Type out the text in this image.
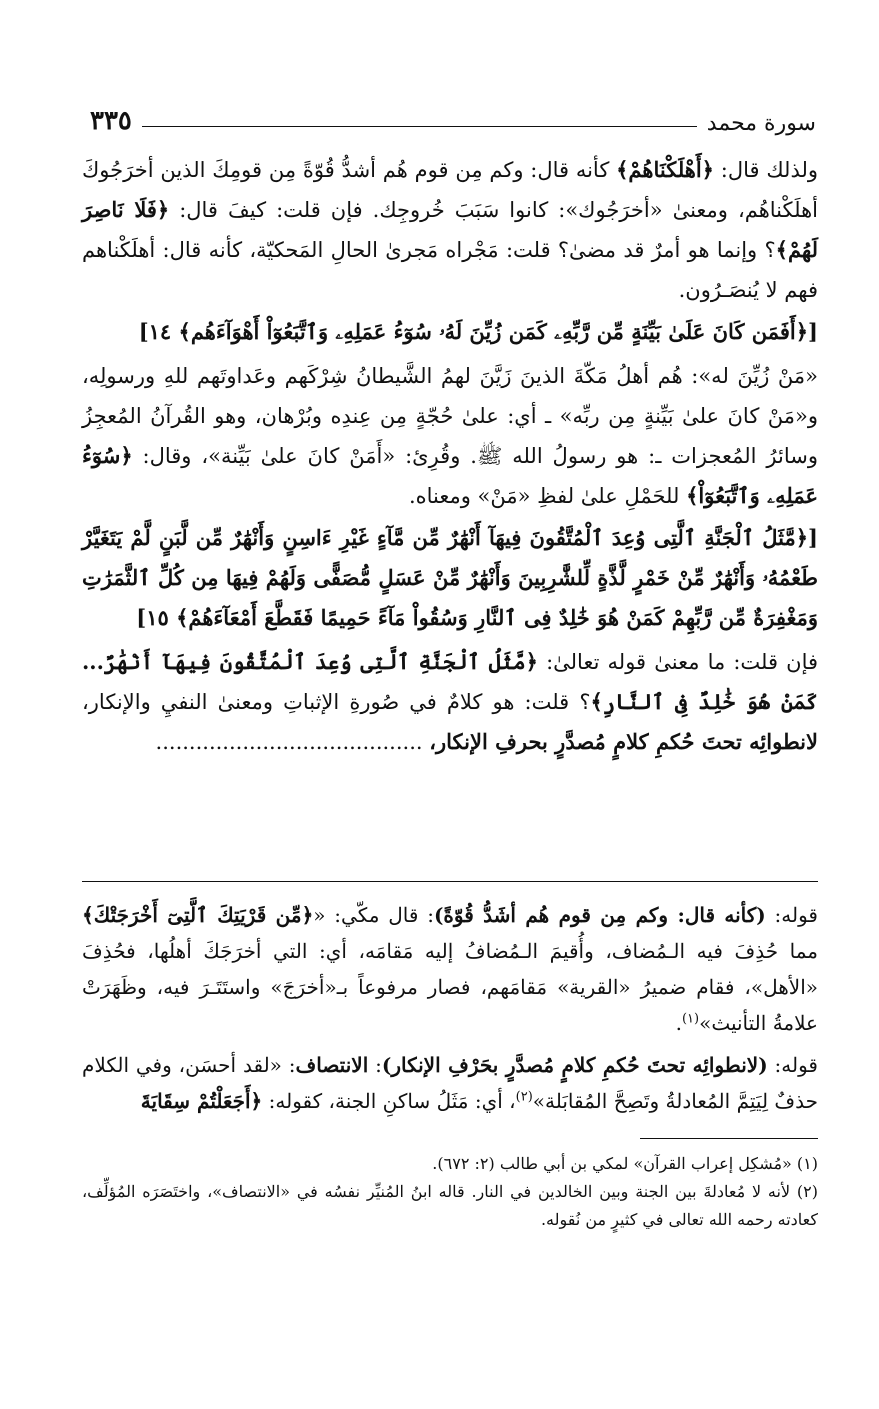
سورة محمد
٣٣٥

ولذلك قال: ﴿أَهْلَكْنَاهُمْ﴾ كأنه قال: وكم مِن قوم هُم أشدُّ قُوّةً مِن قومِكَ الذين أخرَجُوكَ أهلَكْناهُم، ومعنىٰ «أخرَجُوك»: كانوا سَبَبَ خُروجِك. فإن قلت: كيفَ قال: ﴿فَلَا نَاصِرَ لَهُمْ﴾؟ وإنما هو أمرٌ قد مضىٰ؟ قلت: مَجْراه مَجرىٰ الحالِ المَحكيّة، كأنه قال: أهلَكْناهم فهم لا يُنصَـرُون.

[﴿أَفَمَن كَانَ عَلَىٰ بَيِّنَةٍ مِّن رَّبِّهِۦ كَمَن زُيِّنَ لَهُۥ سُوٓءُ عَمَلِهِۦ وَٱتَّبَعُوٓاْ أَهْوَآءَهُم﴾ ١٤]

«مَنْ زُيِّنَ له»: هُم أهلُ مَكّةَ الذينَ زَيَّنَ لهمُ الشَّيطانُ شِرْكَهم وعَداوتَهم للهِ ورسولِه، و«مَنْ كانَ علىٰ بَيِّنةٍ مِن ربِّه» ـ أي: علىٰ حُجّةٍ مِن عِندِه وبُرْهان، وهو القُرآنُ المُعجِزُ وسائرُ المُعجزات ـ: هو رسولُ الله ﷺ. وقُرِئ: «أَمَنْ كانَ علىٰ بَيِّنة»، وقال: ﴿سُوٓءُ عَمَلِهِۦ وَٱتَّبَعُوٓاْ﴾ للحَمْلِ علىٰ لفظِ «مَنْ» ومعناه.

[﴿مَّثَلُ ٱلْجَنَّةِ ٱلَّتِى وُعِدَ ٱلْمُتَّقُونَ فِيهَآ أَنْهَٰرٌ مِّن مَّآءٍ غَيْرِ ءَاسِنٍ وَأَنْهَٰرٌ مِّن لَّبَنٍ لَّمْ يَتَغَيَّرْ طَعْمُهُۥ وَأَنْهَٰرٌ مِّنْ خَمْرٍ لَّذَّةٍ لِّلشَّٰرِبِينَ وَأَنْهَٰرٌ مِّنْ عَسَلٍ مُّصَفًّى وَلَهُمْ فِيهَا مِن كُلِّ ٱلثَّمَرَٰتِ وَمَغْفِرَةٌ مِّن رَّبِّهِمْ كَمَنْ هُوَ خَٰلِدٌ فِى ٱلنَّارِ وَسُقُواْ مَآءً حَمِيمًا فَقَطَّعَ أَمْعَآءَهُمْ﴾ ١٥]

فإن قلت: ما معنىٰ قوله تعالىٰ: ﴿مَّثَلُ ٱلْجَنَّةِ ٱلَّتِى وُعِدَ ٱلْمُتَّقُونَ فِيهَآ أَنْهَٰرٌ... كَمَنْ هُوَ خَٰلِدٌ فِى ٱلنَّارِ﴾؟ قلت: هو كلامٌ في صُورةِ الإثباتِ ومعنىٰ النفيِ والإنكار، لانطوائِه تحتَ حُكمِ كلامٍ مُصدَّرٍ بحرفِ الإنكار، ........................................

قوله: (كأنه قال: وكم مِن قوم هُم أشَدُّ قُوّةً): قال مكّي: «﴿مِّن قَرْيَتِكَ ٱلَّتِىٓ أَخْرَجَتْكَ﴾ مما حُذِفَ فيه الـمُضاف، وأُقيمَ الـمُضافُ إليه مَقامَه، أي: التي أخرَجَكَ أهلُها، فحُذِفَ «الأهل»، فقام ضميرُ «القرية» مَقامَهم، فصار مرفوعاً بـ«أخرَجَ» واستَتَـرَ فيه، وظَهَرَتْ علامةُ التأنيث»$^{(١)}$.

قوله: (لانطوائِه تحتَ حُكمِ كلامٍ مُصدَّرٍ بحَرْفِ الإنكار): الانتصاف: «لقد أحسَن، وفي الكلام حذفٌ لِيَتِمَّ المُعادلةُ وتَصِحَّ المُقابَلة»$^{(٢)}$، أي: مَثَلُ ساكنِ الجنة، كقوله: ﴿أَجَعَلْتُمْ سِقَايَةَ

(١) «مُشكِل إعراب القرآن» لمكي بن أبي طالب (٢: ٦٧٢).

(٢) لأنه لا مُعادلةَ بين الجنة وبين الخالدين في النار. قاله ابنُ المُنيِّر نفسُه في «الانتصاف»، واختَصَرَه المُؤلِّف، كعادته رحمه الله تعالى في كثيرٍ من نُقوله.
